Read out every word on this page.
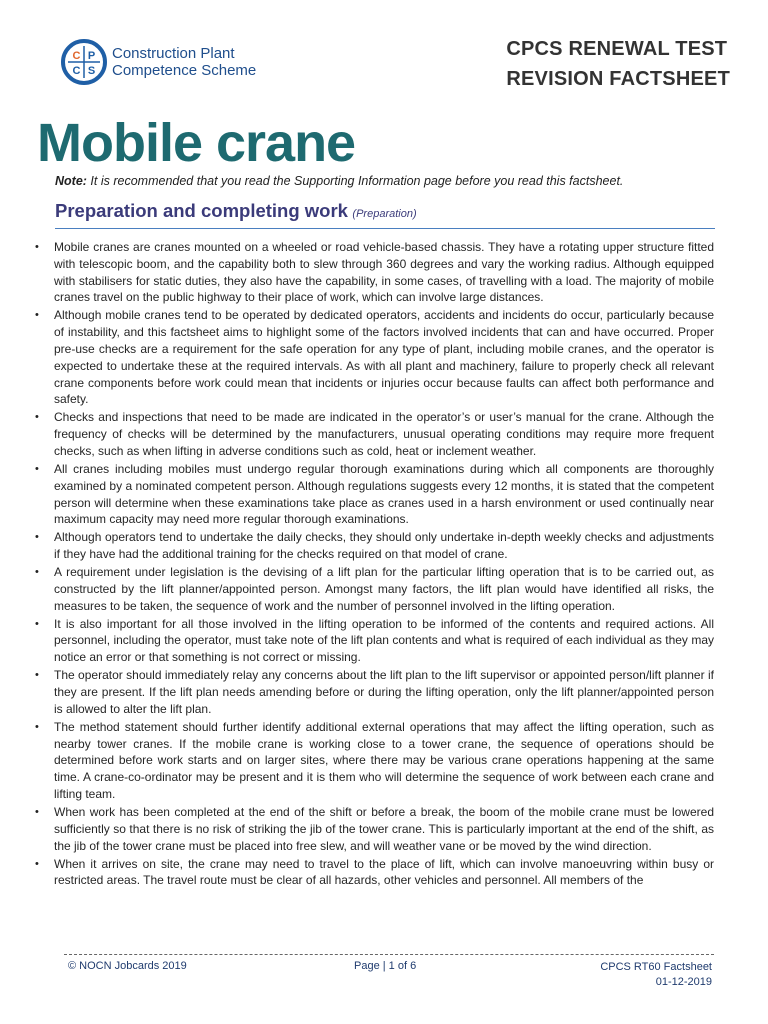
C P
C S
Construction Plant
Competence Scheme
CPCS RENEWAL TEST
REVISION FACTSHEET
Mobile crane
Note: It is recommended that you read the Supporting Information page before you read this factsheet.
Preparation and completing work (Preparation)
• Mobile cranes are cranes mounted on a wheeled or road vehicle-based chassis. They have a rotating upper structure fitted with telescopic boom, and the capability both to slew through 360 degrees and vary the working radius. Although equipped with stabilisers for static duties, they also have the capability, in some cases, of travelling with a load. The majority of mobile cranes travel on the public highway to their place of work, which can involve large distances.
• Although mobile cranes tend to be operated by dedicated operators, accidents and incidents do occur, particularly because of instability, and this factsheet aims to highlight some of the factors involved incidents that can and have occurred. Proper pre-use checks are a requirement for the safe operation for any type of plant, including mobile cranes, and the operator is expected to undertake these at the required intervals. As with all plant and machinery, failure to properly check all relevant crane components before work could mean that incidents or injuries occur because faults can affect both performance and safety.
• Checks and inspections that need to be made are indicated in the operator’s or user’s manual for the crane. Although the frequency of checks will be determined by the manufacturers, unusual operating conditions may require more frequent checks, such as when lifting in adverse conditions such as cold, heat or inclement weather.
• All cranes including mobiles must undergo regular thorough examinations during which all components are thoroughly examined by a nominated competent person. Although regulations suggests every 12 months, it is stated that the competent person will determine when these examinations take place as cranes used in a harsh environment or used continually near maximum capacity may need more regular thorough examinations.
• Although operators tend to undertake the daily checks, they should only undertake in-depth weekly checks and adjustments if they have had the additional training for the checks required on that model of crane.
• A requirement under legislation is the devising of a lift plan for the particular lifting operation that is to be carried out, as constructed by the lift planner/appointed person. Amongst many factors, the lift plan would have identified all risks, the measures to be taken, the sequence of work and the number of personnel involved in the lifting operation.
• It is also important for all those involved in the lifting operation to be informed of the contents and required actions. All personnel, including the operator, must take note of the lift plan contents and what is required of each individual as they may notice an error or that something is not correct or missing.
• The operator should immediately relay any concerns about the lift plan to the lift supervisor or appointed person/lift planner if they are present. If the lift plan needs amending before or during the lifting operation, only the lift planner/appointed person is allowed to alter the lift plan.
• The method statement should further identify additional external operations that may affect the lifting operation, such as nearby tower cranes. If the mobile crane is working close to a tower crane, the sequence of operations should be determined before work starts and on larger sites, where there may be various crane operations happening at the same time. A crane-co-ordinator may be present and it is them who will determine the sequence of work between each crane and lifting team.
• When work has been completed at the end of the shift or before a break, the boom of the mobile crane must be lowered sufficiently so that there is no risk of striking the jib of the tower crane. This is particularly important at the end of the shift, as the jib of the tower crane must be placed into free slew, and will weather vane or be moved by the wind direction.
• When it arrives on site, the crane may need to travel to the place of lift, which can involve manoeuvring within busy or restricted areas. The travel route must be clear of all hazards, other vehicles and personnel. All members of the
© NOCN Jobcards 2019	Page | 1 of 6	CPCS RT60 Factsheet
01-12-2019
